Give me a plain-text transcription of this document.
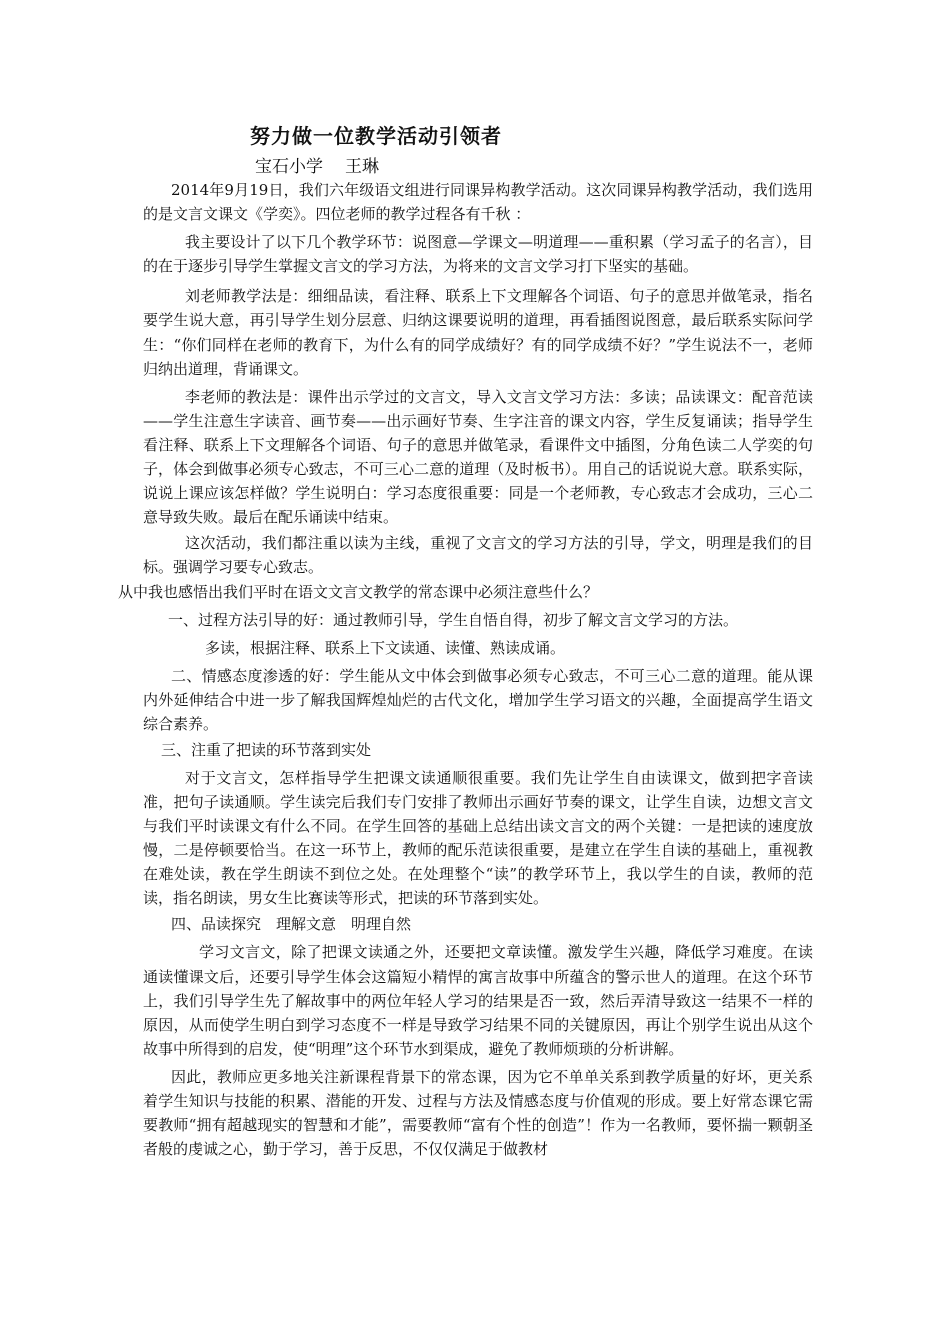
努力做一位教学活动引领者

宝石小学 王琳

2014年9月19日，我们六年级语文组进行同课异构教学活动。这次同课异构教学活动，我们选用的是文言文课文《学奕》。四位老师的教学过程各有千秋 ：

我主要设计了以下几个教学环节：说图意—学课文—明道理——重积累（学习孟子的名言），目的在于逐步引导学生掌握文言文的学习方法，为将来的文言文学习打下坚实的基础。

刘老师教学法是：细细品读，看注释、联系上下文理解各个词语、句子的意思并做笔录，指名要学生说大意，再引导学生划分层意、归纳这课要说明的道理，再看插图说图意，最后联系实际问学生：“你们同样在老师的教育下，为什么有的同学成绩好？有的同学成绩不好？”学生说法不一，老师归纳出道理，背诵课文。

李老师的教法是：课件出示学过的文言文，导入文言文学习方法：多读；品读课文：配音范读——学生注意生字读音、画节奏——出示画好节奏、生字注音的课文内容，学生反复诵读；指导学生看注释、联系上下文理解各个词语、句子的意思并做笔录，看课件文中插图，分角色读二人学奕的句子，体会到做事必须专心致志，不可三心二意的道理（及时板书）。用自己的话说说大意。联系实际，说说上课应该怎样做？学生说明白：学习态度很重要：同是一个老师教，专心致志才会成功，三心二意导致失败。最后在配乐诵读中结束。

这次活动，我们都注重以读为主线，重视了文言文的学习方法的引导，学文，明理是我们的目标。强调学习要专心致志。

从中我也感悟出我们平时在语文文言文教学的常态课中必须注意些什么？

一、过程方法引导的好：通过教师引导，学生自悟自得，初步了解文言文学习的方法。

多读，根据注释、联系上下文读通、读懂、熟读成诵。

二、情感态度渗透的好：学生能从文中体会到做事必须专心致志，不可三心二意的道理。能从课内外延伸结合中进一步了解我国辉煌灿烂的古代文化，增加学生学习语文的兴趣，全面提高学生语文综合素养。

三、注重了把读的环节落到实处

对于文言文，怎样指导学生把课文读通顺很重要。我们先让学生自由读课文，做到把字音读准，把句子读通顺。学生读完后我们专门安排了教师出示画好节奏的课文，让学生自读，边想文言文与我们平时读课文有什么不同。在学生回答的基础上总结出读文言文的两个关键：一是把读的速度放慢，二是停顿要恰当。在这一环节上，教师的配乐范读很重要，是建立在学生自读的基础上，重视教在难处读，教在学生朗读不到位之处。在处理整个“读”的教学环节上，我以学生的自读，教师的范读，指名朗读，男女生比赛读等形式，把读的环节落到实处。

四、品读探究　理解文意　明理自然

学习文言文，除了把课文读通之外，还要把文章读懂。激发学生兴趣，降低学习难度。在读通读懂课文后，还要引导学生体会这篇短小精悍的寓言故事中所蕴含的警示世人的道理。在这个环节上，我们引导学生先了解故事中的两位年轻人学习的结果是否一致，然后弄清导致这一结果不一样的原因，从而使学生明白到学习态度不一样是导致学习结果不同的关键原因，再让个别学生说出从这个故事中所得到的启发，使“明理”这个环节水到渠成，避免了教师烦琐的分析讲解。

因此，教师应更多地关注新课程背景下的常态课，因为它不单单关系到教学质量的好坏，更关系着学生知识与技能的积累、潜能的开发、过程与方法及情感态度与价值观的形成。要上好常态课它需要教师“拥有超越现实的智慧和才能”，需要教师“富有个性的创造”！作为一名教师，要怀揣一颗朝圣者般的虔诚之心，勤于学习，善于反思，不仅仅满足于做教材
